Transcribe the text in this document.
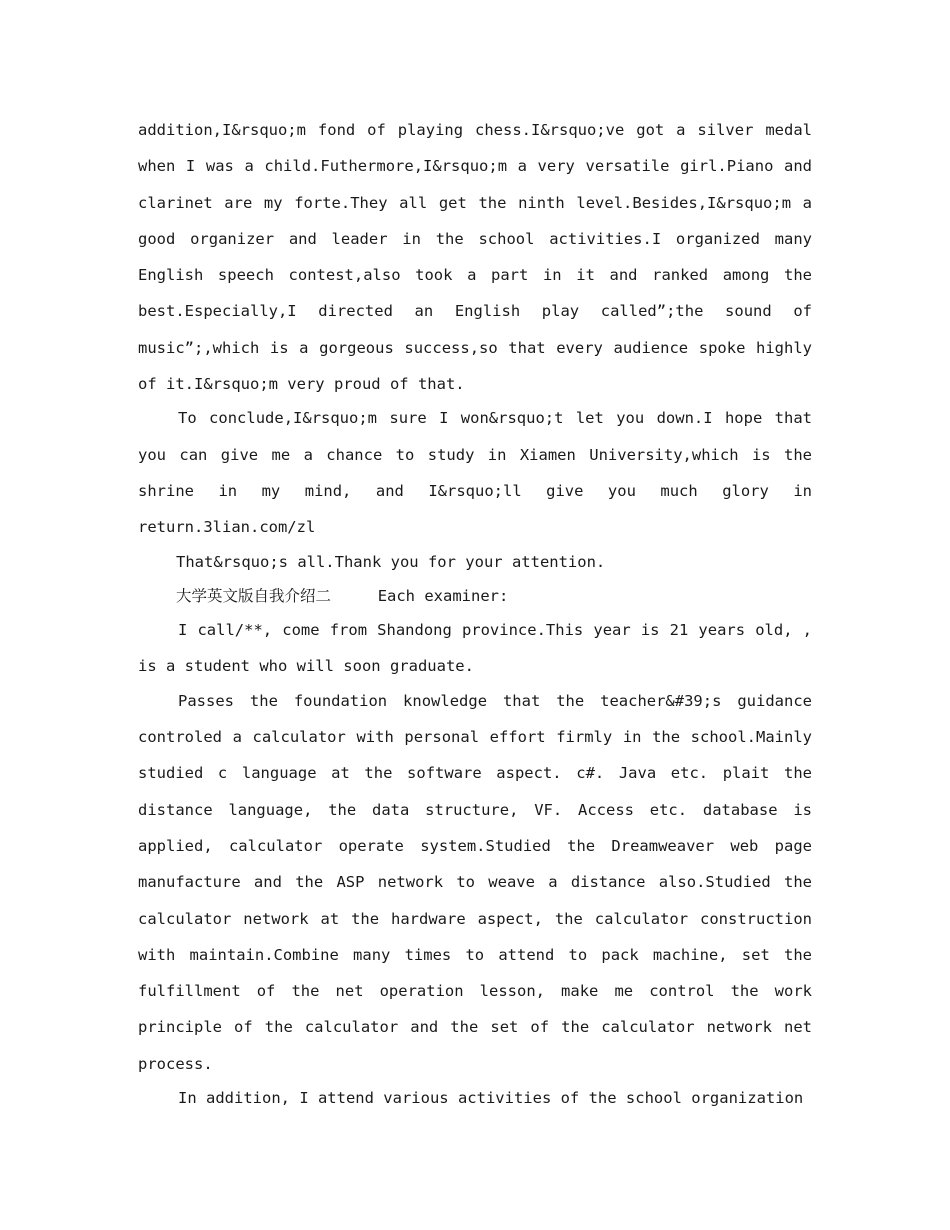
addition,I&rsquo;m fond of playing chess.I&rsquo;ve got a silver medal when I was a child.Futhermore,I&rsquo;m a very versatile girl.Piano and clarinet are my forte.They all get the ninth level.Besides,I&rsquo;m a good organizer and leader in the school activities.I organized many English speech contest,also took a part in it and ranked among the best.Especially,I directed an English play called”;the sound of music”;,which is a gorgeous success,so that every audience spoke highly of it.I&rsquo;m very proud of that.

To conclude,I&rsquo;m sure I won&rsquo;t let you down.I hope that you can give me a chance to study in Xiamen University,which is the shrine in my mind, and I&rsquo;ll give you much glory in return.3lian.com/zl

That&rsquo;s all.Thank you for your attention.

大学英文版自我介绍二	Each examiner:

I call/**, come from Shandong province.This year is 21 years old, , is a student who will soon graduate.

Passes the foundation knowledge that the teacher&#39;s guidance controled a calculator with personal effort firmly in the school.Mainly studied c language at the software aspect. c#. Java etc. plait the distance language, the data structure, VF. Access etc. database is applied, calculator operate system.Studied the Dreamweaver web page manufacture and the ASP network to weave a distance also.Studied the calculator network at the hardware aspect, the calculator construction with maintain.Combine many times to attend to pack machine, set the fulfillment of the net operation lesson, make me control the work principle of the calculator and the set of the calculator network net process.

In addition, I attend various activities of the school organization
